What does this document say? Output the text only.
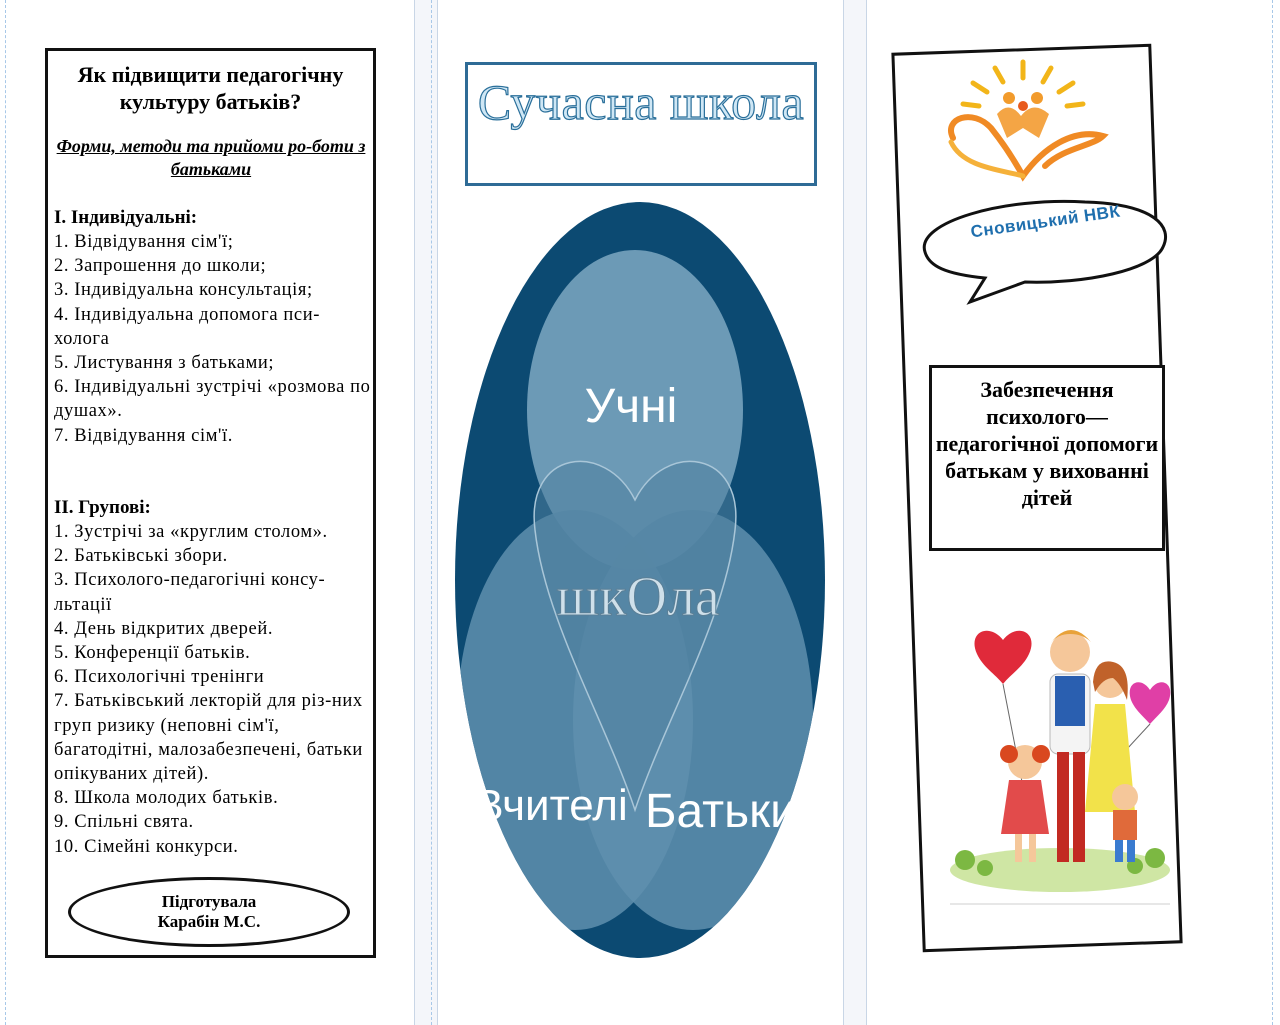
Як підвищити педагогічну культуру батьків?
Форми, методи та прийоми ро-боти з батьками
І. Індивідуальні:
1. Відвідування сім'ї;
2. Запрошення до школи;
3. Індивідуальна консультація;
4. Індивідуальна допомога пси-холога
5. Листування з батьками;
6. Індивідуальні зустрічі «розмова по душах».
7. Відвідування сім'ї.
ІІ. Групові:
1. Зустрічі за «круглим столом».
2. Батьківські збори.
3. Психолого-педагогічні консу-льтації
4. День відкритих дверей.
5. Конференції батьків.
6. Психологічні тренінги
7. Батьківський лекторій для різ-них груп ризику (неповні сім'ї, багатодітні, малозабезпечені, батьки опікуваних дітей).
8. Школа молодих батьків.
9. Спільні свята.
10. Сімейні конкурси.
Підготувала
Карабін М.С.
Сучасна школа
Учні
шкОла
Вчителі Батьки
Сновицький НВК
Забезпечення психолого— педагогічної допомоги батькам у вихованні дітей
